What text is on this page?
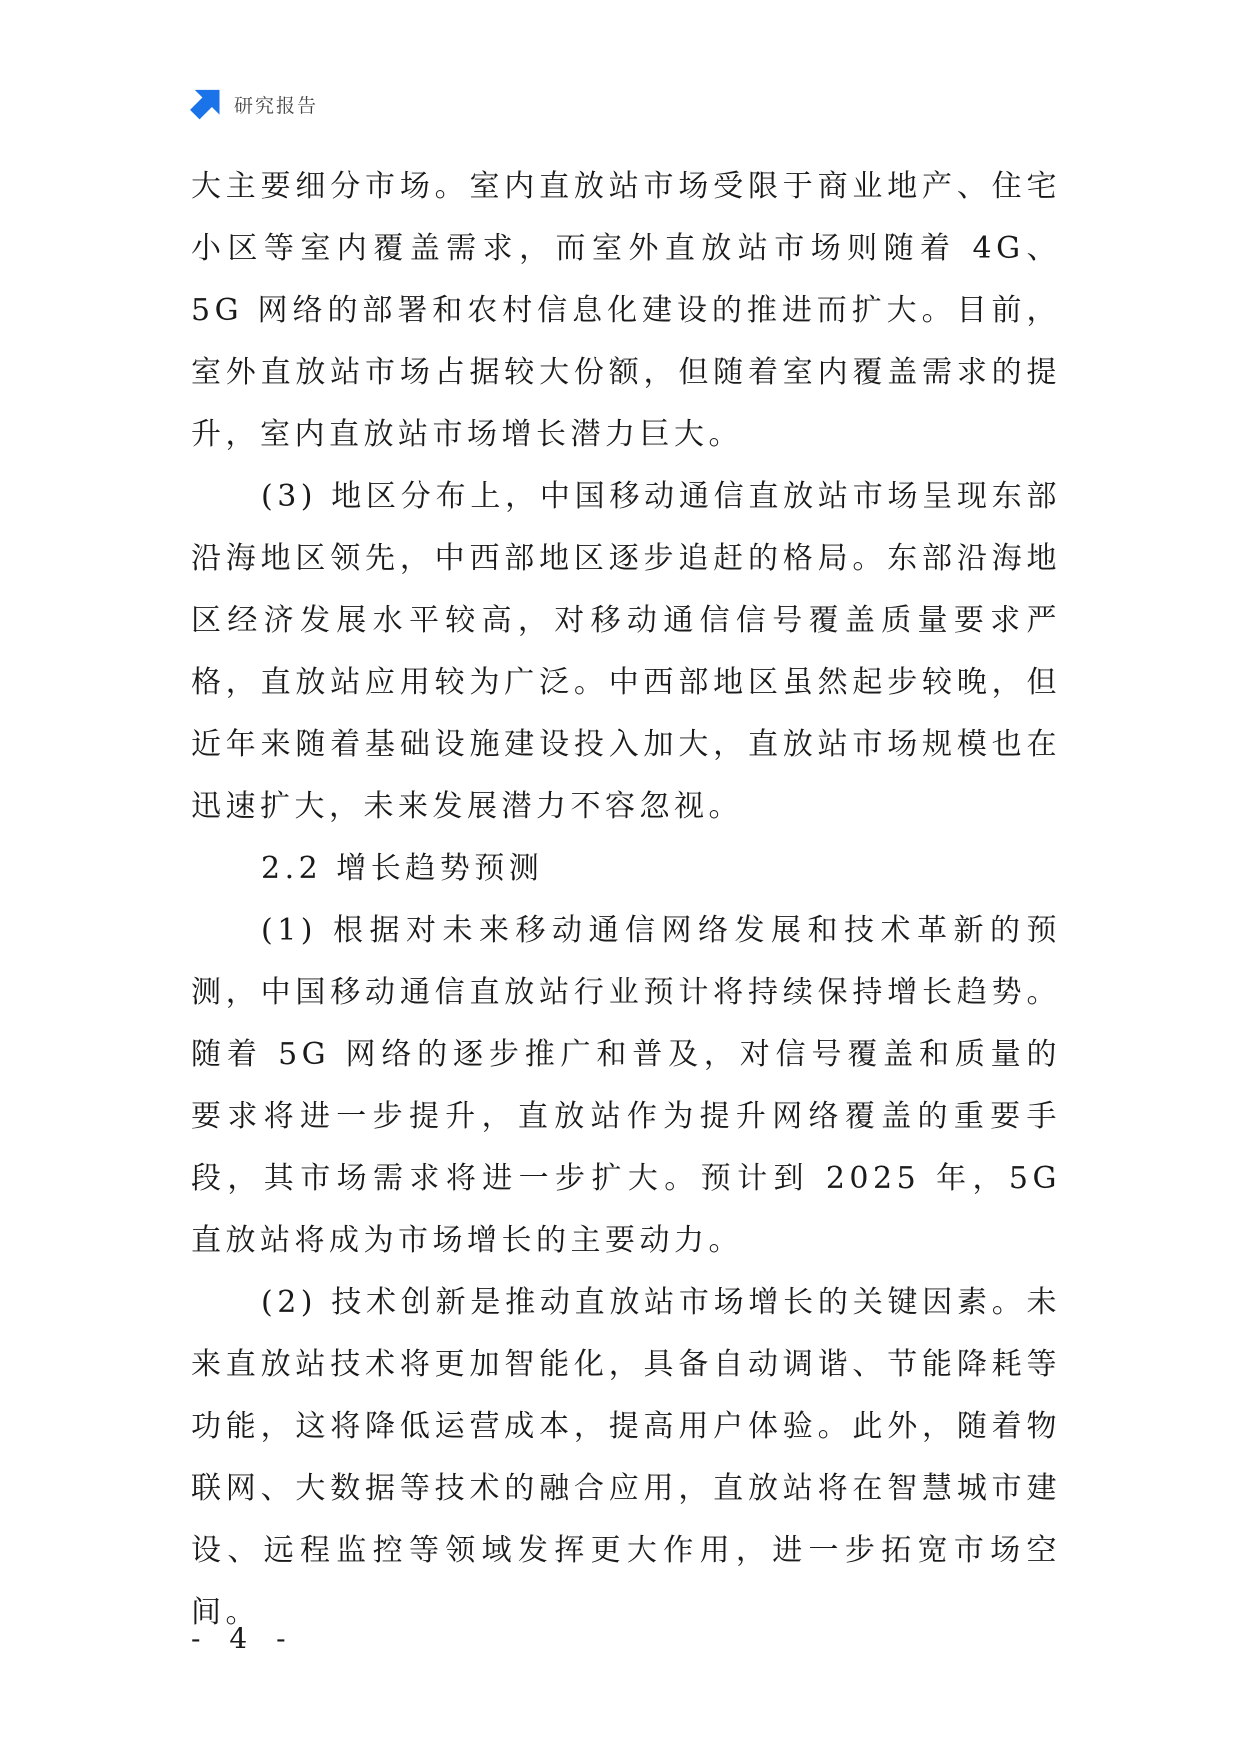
研究报告

大主要细分市场。室内直放站市场受限于商业地产、住宅小区等室内覆盖需求，而室外直放站市场则随着 4G、5G 网络的部署和农村信息化建设的推进而扩大。目前，室外直放站市场占据较大份额，但随着室内覆盖需求的提升，室内直放站市场增长潜力巨大。

(3) 地区分布上，中国移动通信直放站市场呈现东部沿海地区领先，中西部地区逐步追赶的格局。东部沿海地区经济发展水平较高，对移动通信信号覆盖质量要求严格，直放站应用较为广泛。中西部地区虽然起步较晚，但近年来随着基础设施建设投入加大，直放站市场规模也在迅速扩大，未来发展潜力不容忽视。

2.2 增长趋势预测

(1) 根据对未来移动通信网络发展和技术革新的预测，中国移动通信直放站行业预计将持续保持增长趋势。随着 5G 网络的逐步推广和普及，对信号覆盖和质量的要求将进一步提升，直放站作为提升网络覆盖的重要手段，其市场需求将进一步扩大。预计到 2025 年，5G 直放站将成为市场增长的主要动力。

(2) 技术创新是推动直放站市场增长的关键因素。未来直放站技术将更加智能化，具备自动调谐、节能降耗等功能，这将降低运营成本，提高用户体验。此外，随着物联网、大数据等技术的融合应用，直放站将在智慧城市建设、远程监控等领域发挥更大作用，进一步拓宽市场空间。

- 4 -
